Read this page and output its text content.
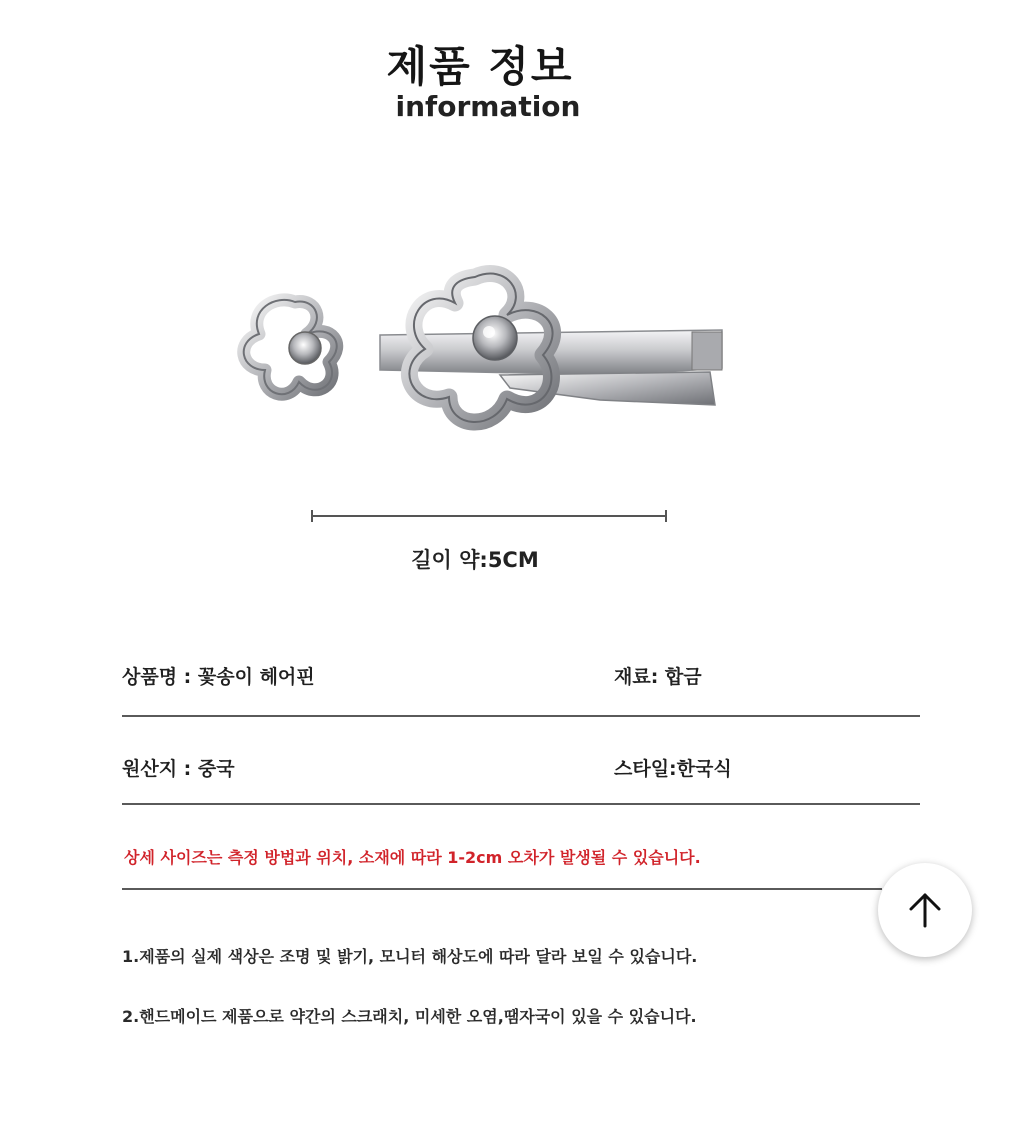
제품 정보
information
길이 약:5CM
상품명 : 꽃송이 헤어핀	재료: 합금
원산지 : 중국	스타일:한국식
상세 사이즈는 측정 방법과 위치, 소재에 따라 1-2cm 오차가 발생될 수 있습니다.
1.제품의 실제 색상은 조명 및 밝기, 모니터 해상도에 따라 달라 보일 수 있습니다.
2.핸드메이드 제품으로 약간의 스크래치, 미세한 오염,땜자국이 있을 수 있습니다.
